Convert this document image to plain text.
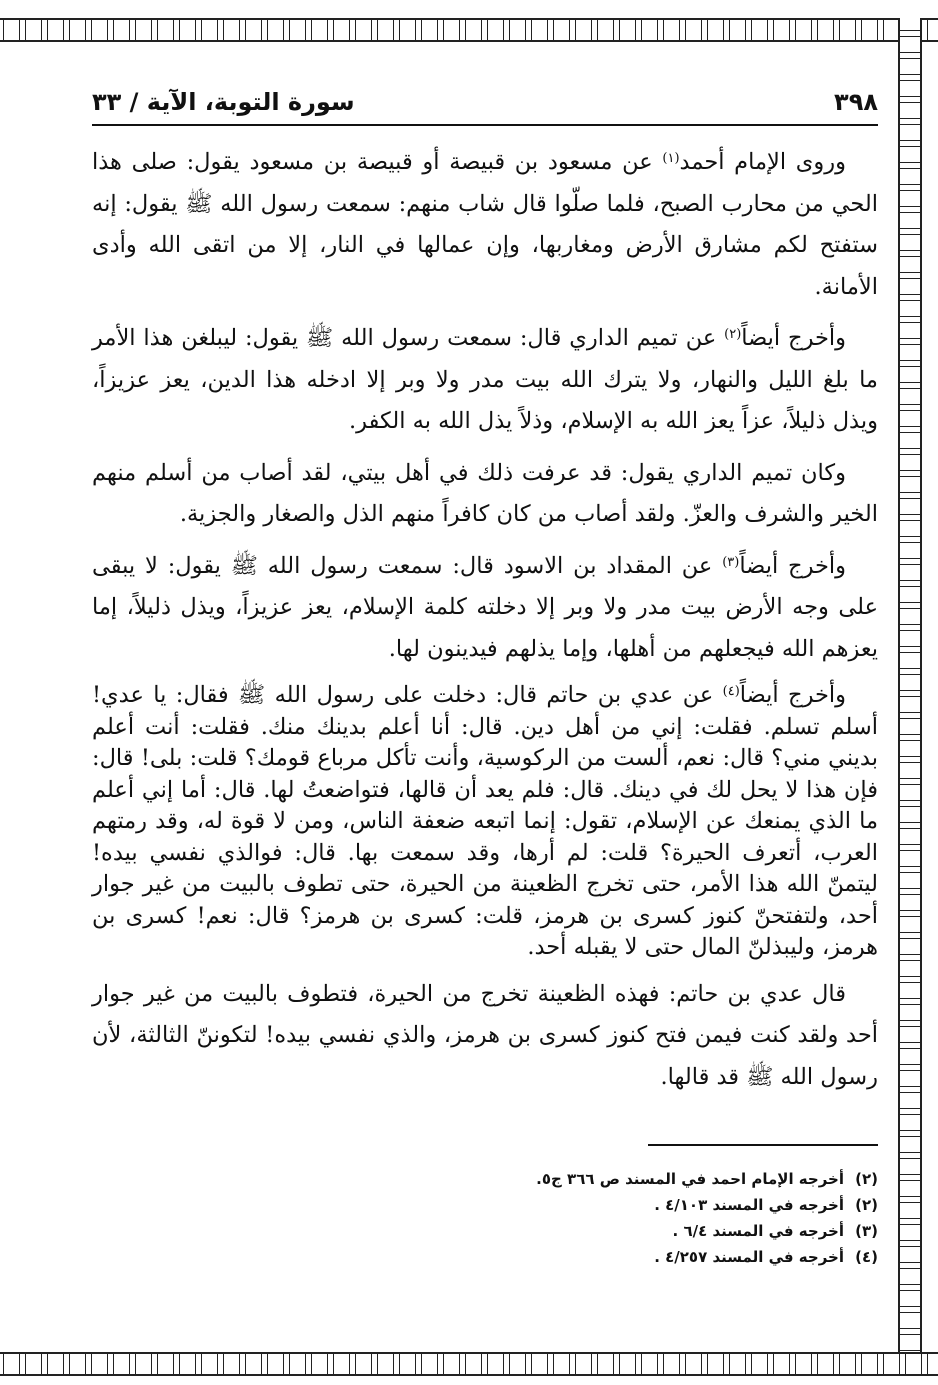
٣٩٨
سورة التوبة، الآية / ٣٣

وروى الإمام أحمد$^{(١)}$ عن مسعود بن قبيصة أو قبيصة بن مسعود يقول: صلى هذا الحي من محارب الصبح، فلما صلّوا قال شاب منهم: سمعت رسول الله ﷺ يقول: إنه ستفتح لكم مشارق الأرض ومغاربها، وإن عمالها في النار، إلا من اتقى الله وأدى الأمانة.

وأخرج أيضاً$^{(٢)}$ عن تميم الداري قال: سمعت رسول الله ﷺ يقول: ليبلغن هذا الأمر ما بلغ الليل والنهار، ولا يترك الله بيت مدر ولا وبر إلا ادخله هذا الدين، يعز عزيزاً، ويذل ذليلاً، عزاً يعز الله به الإسلام، وذلاً يذل الله به الكفر.

وكان تميم الداري يقول: قد عرفت ذلك في أهل بيتي، لقد أصاب من أسلم منهم الخير والشرف والعزّ. ولقد أصاب من كان كافراً منهم الذل والصغار والجزية.

وأخرج أيضاً$^{(٣)}$ عن المقداد بن الاسود قال: سمعت رسول الله ﷺ يقول: لا يبقى على وجه الأرض بيت مدر ولا وبر إلا دخلته كلمة الإسلام، يعز عزيزاً، ويذل ذليلاً، إما يعزهم الله فيجعلهم من أهلها، وإما يذلهم فيدينون لها.

وأخرج أيضاً$^{(٤)}$ عن عدي بن حاتم قال: دخلت على رسول الله ﷺ فقال: يا عدي! أسلم تسلم. فقلت: إني من أهل دين. قال: أنا أعلم بدينك منك. فقلت: أنت أعلم بديني مني؟ قال: نعم، ألست من الركوسية، وأنت تأكل مرباع قومك؟ قلت: بلى! قال: فإن هذا لا يحل لك في دينك. قال: فلم يعد أن قالها، فتواضعتُ لها. قال: أما إني أعلم ما الذي يمنعك عن الإسلام، تقول: إنما اتبعه ضعفة الناس، ومن لا قوة له، وقد رمتهم العرب، أتعرف الحيرة؟ قلت: لم أرها، وقد سمعت بها. قال: فوالذي نفسي بيده! ليتمنّ الله هذا الأمر، حتى تخرج الظعينة من الحيرة، حتى تطوف بالبيت من غير جوار أحد، ولتفتحنّ كنوز كسرى بن هرمز، قلت: كسرى بن هرمز؟ قال: نعم! كسرى بن هرمز، وليبذلنّ المال حتى لا يقبله أحد.

قال عدي بن حاتم: فهذه الظعينة تخرج من الحيرة، فتطوف بالبيت من غير جوار أحد ولقد كنت فيمن فتح كنوز كسرى بن هرمز، والذي نفسي بيده! لتكوننّ الثالثة، لأن رسول الله ﷺ قد قالها.

(٢)أخرجه الإمام احمد في المسند ص ٣٦٦ ج٥.
(٢)أخرجه في المسند ٤/١٠٣ .
(٣)أخرجه في المسند ٦/٤ .
(٤)أخرجه في المسند ٤/٢٥٧ .
